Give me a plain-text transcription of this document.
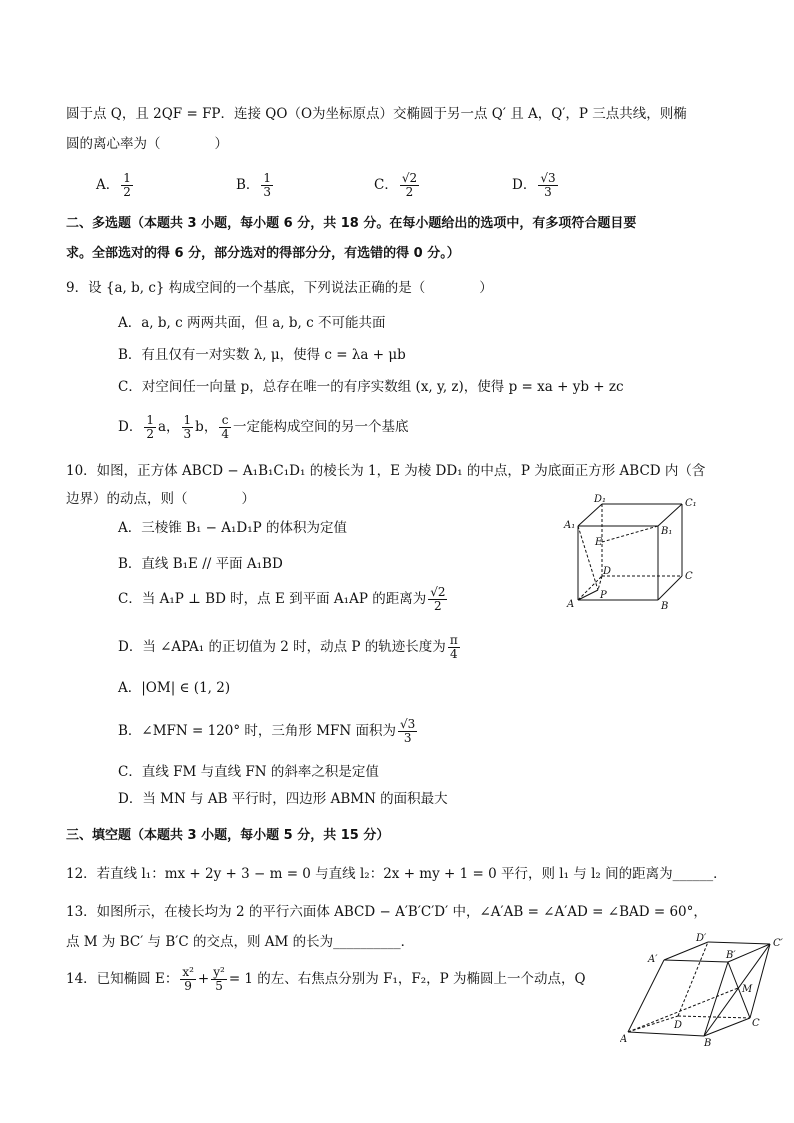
圆于点 Q，且 2QF = FP．连接 QO（O为坐标原点）交椭圆于另一点 Q′ 且 A，Q′，P 三点共线，则椭
圆的离心率为（　　　　）
A． $\frac{1}{2}$	B． $\frac{1}{3}$	C． $\frac{√2}{2}$	D． $\frac{√3}{3}$
二、多选题（本题共 3 小题，每小题 6 分，共 18 分。在每小题给出的选项中，有多项符合题目要
求。全部选对的得 6 分，部分选对的得部分分，有选错的得 0 分。）
9．设 {a, b, c} 构成空间的一个基底，下列说法正确的是（　　　　）
A．a, b, c 两两共面，但 a, b, c 不可能共面
B．有且仅有一对实数 λ, μ，使得 c = λa + μb
C．对空间任一向量 p，总存在唯一的有序实数组 (x, y, z)，使得 p = xa + yb + zc
D． $\frac{1}{2}$ a， $\frac{1}{3}$ b， $\frac{c}{4}$ 一定能构成空间的另一个基底
10．如图，正方体 ABCD − A₁B₁C₁D₁ 的棱长为 1，E 为棱 DD₁ 的中点，P 为底面正方形 ABCD 内（含
边界）的动点，则（　　　　）
A．三棱锥 B₁ − A₁D₁P 的体积为定值
B．直线 B₁E // 平面 A₁BD
C．当 A₁P ⊥ BD 时，点 E 到平面 A₁AP 的距离为 $\frac{√2}{2}$
D．当 ∠APA₁ 的正切值为 2 时，动点 P 的轨迹长度为 $\frac{\pi}{4}$
D₁	C₁
A₁
B₁
E
D	C
A
P
B
A．|OM| ∈ (1, 2)
B．∠MFN = 120° 时，三角形 MFN 面积为 $\frac{√3}{3}$
C．直线 FM 与直线 FN 的斜率之积是定值
D．当 MN 与 AB 平行时，四边形 ABMN 的面积最大
三、填空题（本题共 3 小题，每小题 5 分，共 15 分）
12．若直线 l₁：mx + 2y + 3 − m = 0 与直线 l₂：2x + my + 1 = 0 平行，则 l₁ 与 l₂ 间的距离为______．
13．如图所示，在棱长均为 2 的平行六面体 ABCD − A′B′C′D′ 中，∠A′AB = ∠A′AD = ∠BAD = 60°，
点 M 为 BC′ 与 B′C 的交点，则 AM 的长为__________．
14．已知椭圆 E： $\frac{\text{x²}}{9} + \frac{\text{y²}}{5} = 1$ 的左、右焦点分别为 F₁，F₂，P 为椭圆上一个动点，Q
D′
A′	B′
C′
M
D	C
A	B
